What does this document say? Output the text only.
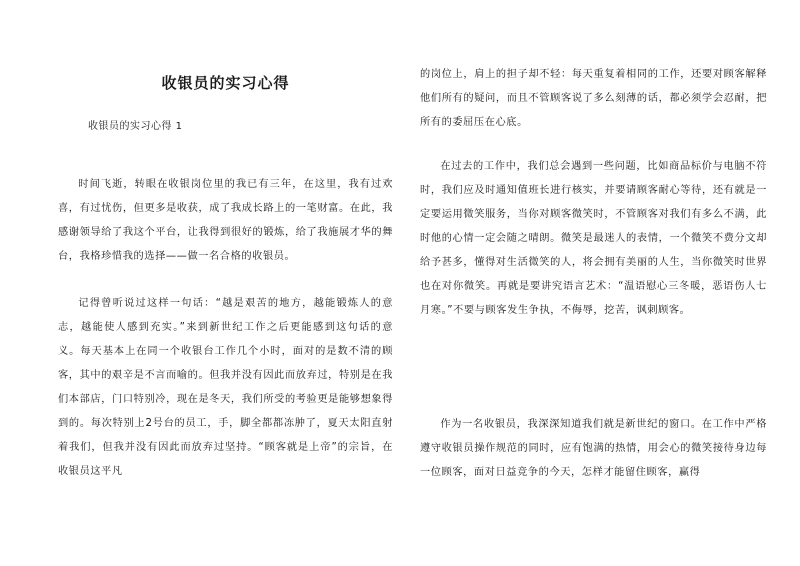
收银员的实习心得

收银员的实习心得 1

时间飞逝，转眼在收银岗位里的我已有三年，在这里，我有过欢喜，有过忧伤，但更多是收获，成了我成长路上的一笔财富。在此，我感谢领导给了我这个平台，让我得到很好的锻炼，给了我施展才华的舞台，我格珍惜我的选择——做一名合格的收银员。

记得曾听说过这样一句话：“越是艰苦的地方，越能锻炼人的意志，越能使人感到充实。”来到新世纪工作之后更能感到这句话的意义。每天基本上在同一个收银台工作几个小时，面对的是数不清的顾客，其中的艰辛是不言而喻的。但我并没有因此而放弃过，特别是在我们本部店，门口特别冷，现在是冬天，我们所受的考验更是能够想象得到的。每次特别上2号台的员工，手，脚全都都冻肿了，夏天太阳直射着我们，但我并没有因此而放弃过坚持。“顾客就是上帝”的宗旨，在收银员这平凡

的岗位上，肩上的担子却不轻：每天重复着相同的工作，还要对顾客解释他们所有的疑问，而且不管顾客说了多么刻薄的话，都必须学会忍耐，把所有的委屈压在心底。

在过去的工作中，我们总会遇到一些问题，比如商品标价与电脑不符时，我们应及时通知值班长进行核实，并要请顾客耐心等待，还有就是一定要运用微笑服务，当你对顾客微笑时，不管顾客对我们有多么不满，此时他的心情一定会随之晴朗。微笑是最迷人的表情，一个微笑不费分文却给予甚多，懂得对生活微笑的人，将会拥有美丽的人生，当你微笑时世界也在对你微笑。再就是要讲究语言艺术：“温语慰心三冬暖，恶语伤人七月寒。”不要与顾客发生争执，不侮辱，挖苦，讽刺顾客。

作为一名收银员，我深深知道我们就是新世纪的窗口。在工作中严格遵守收银员操作规范的同时，应有饱满的热情，用会心的微笑接待身边每一位顾客，面对日益竞争的今天，怎样才能留住顾客，赢得
